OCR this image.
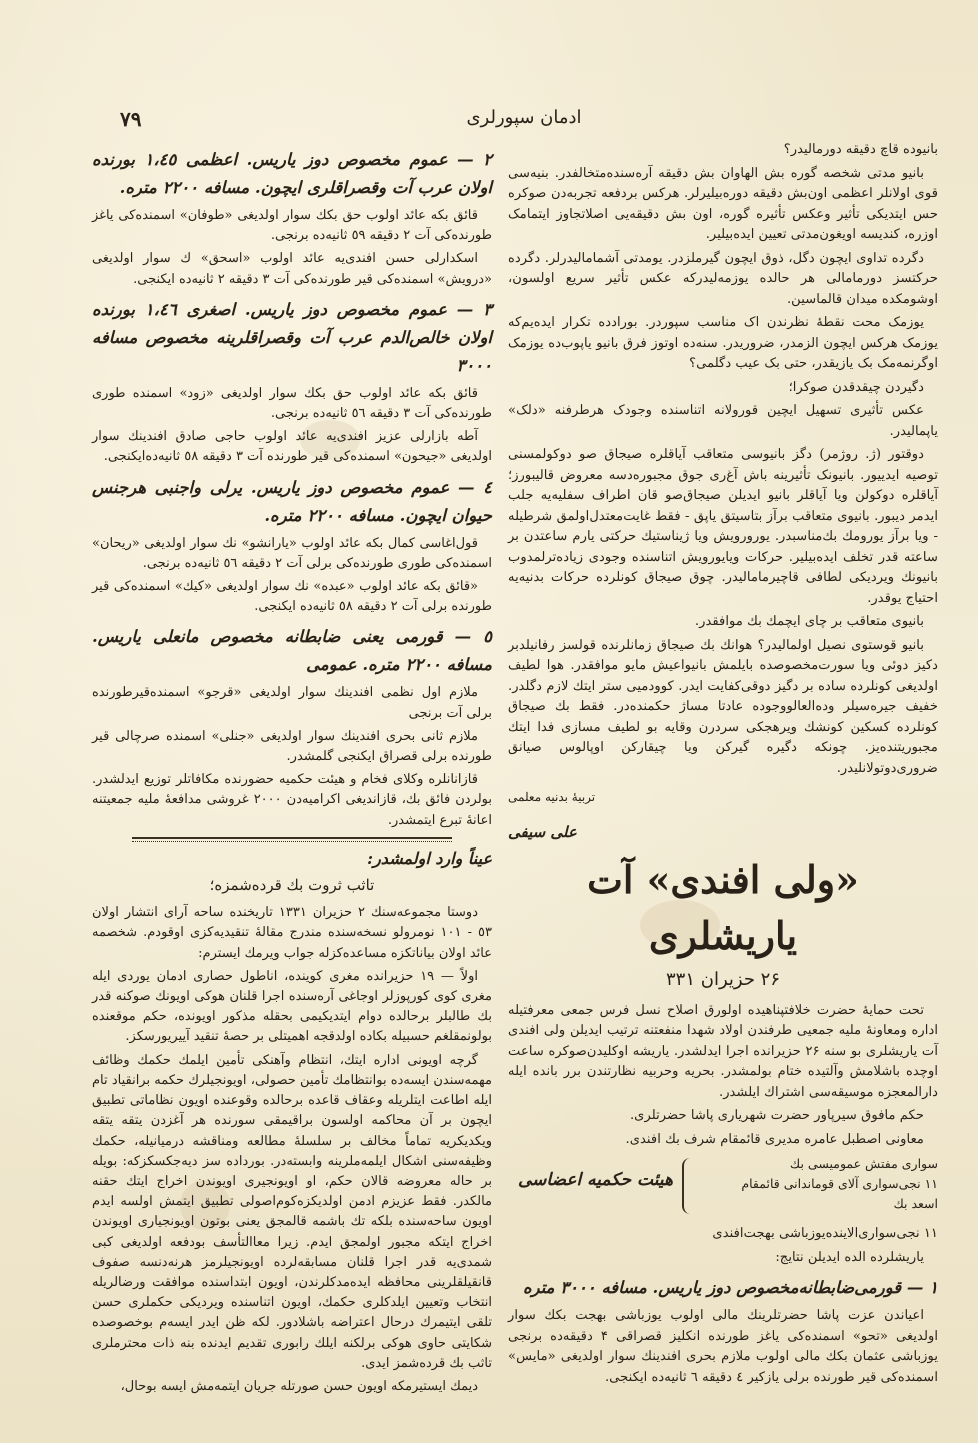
۷۹	ادمان سپورلری

بانیوده قاچ دقیقه دورمالیدر؟

بانیو مدتی شخصه گوره بش الهاوان بش دقیقه آره‌سنده‌متخالفدر. بنیه‌سی قوی اولانلر اعظمی اون‌بش دقیقه دوره‌بیلیرلر. هرکس بردفعه تجربه‌دن صوکره حس ایتدیکی تأثیر وعکس تأثیره گوره، اون بش دقیقه‌یی اصلاتجاوز ایتمامک اوزره، کندیسه اویغون‌مدتی تعیین ایده‌بیلیر.

دگرده تداوی ایچون دگل، ذوق ایچون گیرملزدر. یومدتی آشمامالیدرلر. دگرده حرکتسز دورمامالی هر حالده یوزمه‌لیدرکه عکس تأثیر سریع اولسون، اوشومکده میدان قالماسین.

یوزمک محت نقطهٔ نظرندن اک مناسب سپوردر. بورادده تکرار ایده‌یم‌که یوزمک هرکس ایچون الزمدر، ضروریدر. سنه‌ده اوتوز فرق بانیو یاپوب‌ده یوزمک اوگرنمه‌مک بک یازیقدر، حتی بک عیب دگلمی؟

دگیردن چیقدقدن صوکرا؛

عکس تأثیری تسهیل ایچین قورولانه اتناسنده وجودک هرطرفنه «دلک» یاپمالیدر.

دوقتور (ژ. روژمر) دگز بانیوسی متعاقب آیاقلره صیجاق صو دوکولمسنی توصیه ایدییور. بانیونک تأثیرینه باش آغ‌ری جوق مجبوره‌دسه معروض قالیبورز؛ آیاقلره دوکولن ویا آیاقلر بانیو ایدیلن صیجاق‌صو قان اطراف سفلیه‌یه جلب ایدمر دیبور. بانیوی متعاقب برآز بتاسیتق یاپق - فقط غایت‌معتدل‌اولمق شرطیله - ویا برآز یورومك ‌بك‌مناسبدر. یورورویش ویا ژیناستیك حرکتی یارم ساعتدن بر ساعته قدر تخلف ایده‌بیلیر. حرکات ویایورویش اتناسنده وجودی زیاده‌ترلمدوب بانیونك ویردیکی لطافی قاچیرمامالیدر. چوق صیجاق کونلرده حرکات بدنیه‌یه احتیاج یوقدر.

بانیوی متعاقب بر چای ایچمك بك موافقدر.

بانیو قوستوی نصیل اولمالیدر؟ هوانك بك صیجاق زمانلرنده قولسز رفانیلدبر دکیز دوئی ویا سورت‌مخصوصده بایلمش بانیواعیش مایو موافقدر. هوا لطیف اولدیغی کونلرده ساده بر دگیز دوقی‌کفایت ایدر. کوودمیی ستر ایتك لازم دگلدر. خفیف جیره‌سیلر وده‌العالووجوده عادتا مساژ حکمنده‌در. فقط بك صیجاق کونلرده کسکین کونشك ویرهجکی سردرن وقایه بو لطیف مسازی فدا ایتك مجبوریتنده‌یز. چونکه دگیره گیرکن ویا چیقارکن اوپالوس صیانق ضروری‌دوتولانلیدر.

تربیهٔ بدنیه معلمی
علی سیفی
«ولی افندی» آت یاریشلری
۲۶ حزیران ۳۳۱

تحت حمایهٔ حضرت خلافتپناهیده اولورق اصلاح نسل فرس جمعی معرفتیله اداره ومعاونهٔ ملیه جمعیی طرفندن اولاد شهدا منفعتنه ترتیب ایدیلن ولی افندی آت یاریشلری بو سنه ۲۶ حزیرانده اجرا ایدلشدر. یاریشه اوکلیدن‌صوکره ساعت اوچده باشلامش وآلتیده ختام بولمشدر. بحریه وحربیه نظارتندن برر بانده ایله دارالمعجزه موسیقه‌سی اشتراك ایلشدر.

حکم مافوق سیرپاور حضرت شهریاری پاشا حضرتلری.

معاونی اصطبل عامره مدیری قائمقام شرف بك افندی.

سواری مفتش عمومیسی بك
۱۱ نجی‌سواری آلای قوماندانی قائمقام
اسعد بك
هیئت حکمیه اعضاسی

۱۱ نجی‌سواری‌الایند‌ه‌یوزباشی بهجت‌افندی

یاریشلرده الده ایدیلن نتایج:

۱ — قورمی‌ضابطانه‌مخصوص دوز یاریس. مسافه ۳۰۰۰ متره

اعیاندن عزت پاشا حضرتلرینك مالی اولوب یوزباشی بهجت بکك سوار اولدیغی «تحو» اسمنده‌کی یاغز طورنده انکلیز قصراقی ۴ دقیقه‌ده برنجی یوزباشی عثمان بکك مالی اولوب ملازم بحری افندینك سوار اولدیغی «مایس» اسمنده‌کی قیر طورنده برلی یازکیر ٤ دقیقه ٦ ثانیه‌ده ایکنجی.

۲ — عموم مخصوص دوز یاریس. اعظمی ۱،٤٥ بورنده اولان عرب آت وقصراقلری ایچون. مسافه ۲۲۰۰ متره.

قائق بکه عائد اولوب حق بکك سوار اولدیغی «طوفان» اسمنده‌کی یاغز طورنده‌کی آت ۲ دقیقه ٥۹ ثانیه‌ده برنجی.

اسکدارلی حسن افندی‌یه عائد اولوب «اسحق» ‌ك سوار اولدیغی «درویش» اسمنده‌کی قیر طورنده‌کی آت ۳ دقیقه ۲ ثانیه‌ده ایکنجی.

۳ — عموم مخصوص دوز یاریس. اصغری ۱،٤٦ بورنده اولان خالص‌الدم عرب آت وقصراقلرینه مخصوص مسافه ۳۰۰۰

قائق بکه عائد اولوب حق بکك سوار اولدیغی «زود» اسمنده طوری طورنده‌کی آت ۳ دقیقه ٥٦ ثانیه‌ده برنجی.

آطه بازارلی عزیز افندی‌یه عائد اولوب حاجی صادق افندینك سوار اولدیغی «جیحون» اسمنده‌کی قیر طورنده آت ۳ دقیقه ٥٨ ثانیه‌ده‌ایکنجی.

٤ — عموم مخصوص دوز یاریس. یرلی واجنبی هرجنس حیوان ایچون. مسافه ۲۲۰۰ متره.

قول‌اغاسی کمال بکه عائد اولوب «یارانشو» نك سوار اولدیغی «ریحان» اسمنده‌کی طوری طورنده‌کی برلی آت ۲ دقیقه ٥٦ ثانیه‌ده برنجی.

«قائق بکه عائد اولوب «عبده» نك سوار اولدیغی «کیك» اسمنده‌کی قیر طورنده برلی آت ۲ دقیقه ٥٨ ثانیه‌ده ایکنجی.

٥ — قورمی یعنی ضابطانه مخصوص مانعلی یاریس. مسافه ۲۲۰۰ متره. عمومی

ملازم اول نظمی افندینك سوار اولدیغی «قرجو» اسمنده‌قیرطورنده برلی آت برنجی

ملازم ثانی بحری افندینك سوار اولدیغی «جنلی» اسمنده صرچالی قیر طورنده برلی قصراق ایکنجی گلمشدر.

قازانانلره وکلای فخام و هیئت حکمیه حضورنده مکافاتلر توزیع ایدلشدر. بولردن فائق بك، قازاندیغی اکرامیه‌دن ۲۰۰۰ غروشی مدافعهٔ ملیه جمعیتنه اعانهٔ تبرع ایتمشدر.

عیناً وارد اولمشدر:
تاثب ثروت بك قردەشمزە؛

دوستا مجموعه‌سنك ۲ حزیران ۱۳۳۱ تاریخنده ساحه آرای انتشار اولان ٥۳ - ۱۰۱ نومرولو نسخه‌سنده مندرج مقالهٔ تنقیدیه‌کزی اوقودم. شخصمه عائد اولان بیاناتکزه مساعده‌کزله جواب ویرمك ایسترم:

اولاً — ۱۹ حزیرانده مغری کوینده، اناطول حصاری ادمان یوردی ایله مغری کوی کورپوزلر اوجاغی آره‌سنده اجرا قلنان هوکی اویونك صوکنه قدر بك طالبلر برحالده دوام ایتدیکیمی ‌بحقله مذکور اویونده، حکم موقعنده بولونمقلغم حسبیله بکاده اولدقجه اهمیتلی بر حصهٔ تنقید آییریورسکز.

گرچه اویونی اداره ایتك، انتظام وآهنکی تأمین ایلمك حکمك وظائف مهمه‌سندن ایسه‌ده بوانتظامك تأمین حصولی، اویونجیلرك حکمه برانقیاد تام ایله اطاعت ایتلریله وعقاف قاعده برحالده وقوعنده اویون نظاماتی تطبیق ایچون بر آن محاکمه اولسون براقیمقی سورنده هر آغزدن یتقه یتقه ویکدیکریه تماماً مخالف بر سلسلهٔ مطالعه ومناقشه درمیانیله، حکمك وظیفه‌سنی اشکال ایلمه‌ملرینه وابسته‌در. بورداده سز دیه‌جکسکزکه: بویله بر حاله معروضه قالان حکم، او اویونجیری اویوندن اخراج ایتك حقنه مالکدر. فقط عزیزم ادمن اولدیکزه‌کوم‌اصولی تطبیق ایتمش اولسه ایدم اویون ساحه‌سنده بلکه تك باشمه قالمجق یعنی بوتون اویونجیاری اویوندن اخراج ایتكه مجبور اولمجق ایدم. زیرا معاالتأسف بودفعه اولدیغی کبی شمدی‌یه قدر اجرا قلنان مسابقه‌لرده اویونجیلرمز هرنه‌دنسه صفوف قانقیلقلرینی محافظه ایده‌مدکلرندن، اویون ابتداسنده موافقت ورضالریله انتخاب وتعیین ایلدکلری حکمك، اویون اتناسنده ویردیکی حکملری حسن تلقی ایتیمرك درحال اعتراضه باشلادور. لکه ظن ایدر ایسه‌م بوخصوصده شکایتی حاوی هوکی برلکنه ایلك رابوری تقدیم ایدنده بنه ذات محترملری تاثب بك قردەشمز ایدی.

دیمك ایستیرمکه اویون حسن صورتله جریان ایتمه‌مش ایسه بوحال،
